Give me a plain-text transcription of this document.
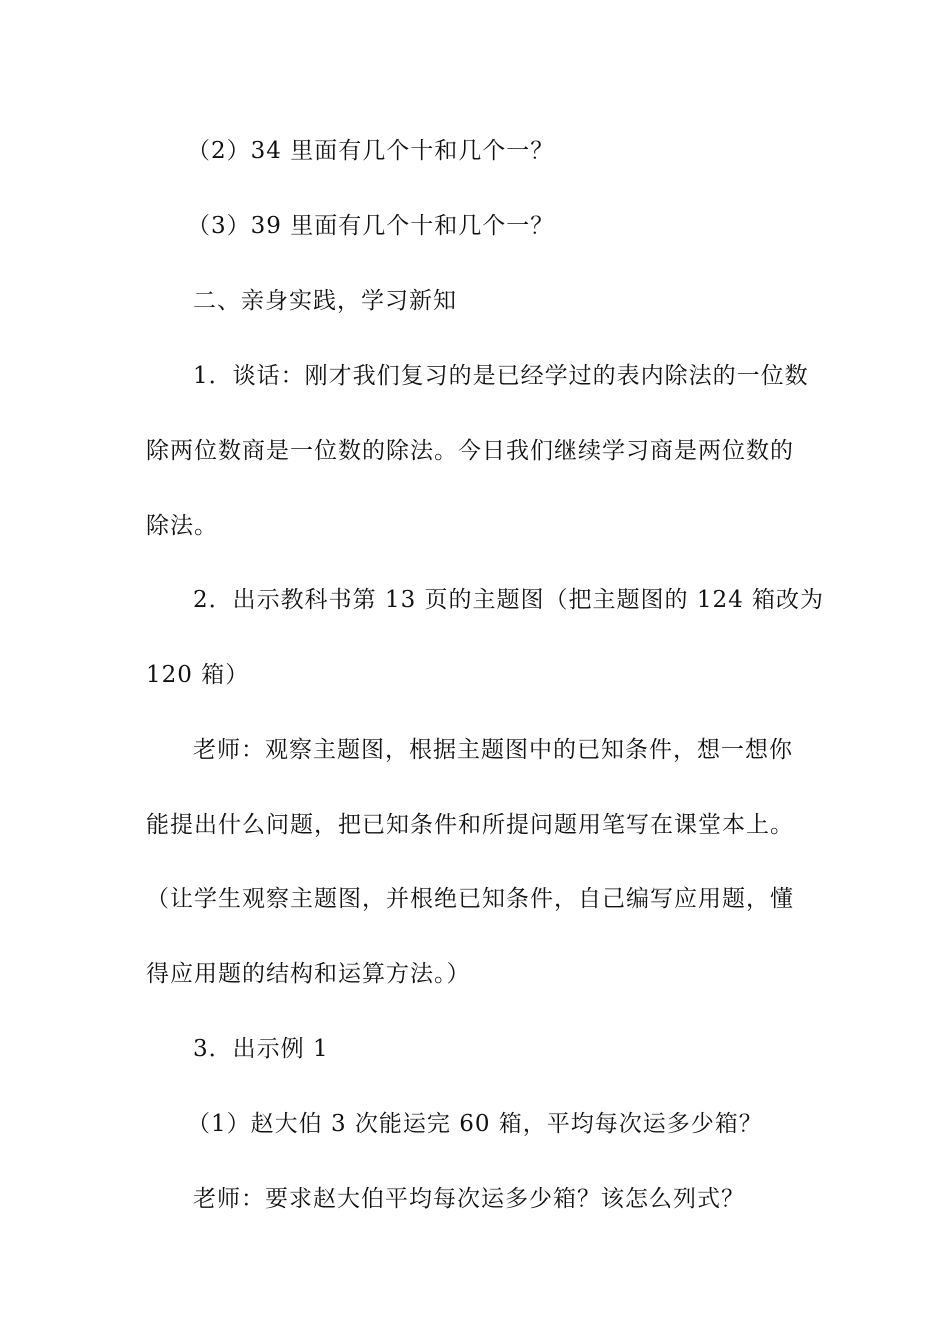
（2）34 里面有几个十和几个一？
（3）39 里面有几个十和几个一？
二、亲身实践，学习新知
1．谈话：刚才我们复习的是已经学过的表内除法的一位数
除两位数商是一位数的除法。今日我们继续学习商是两位数的
除法。
2．出示教科书第 13 页的主题图（把主题图的 124 箱改为
120 箱）
老师：观察主题图，根据主题图中的已知条件，想一想你
能提出什么问题，把已知条件和所提问题用笔写在课堂本上。
（让学生观察主题图，并根绝已知条件，自己编写应用题，懂
得应用题的结构和运算方法。）
3．出示例 1
（1）赵大伯 3 次能运完 60 箱，平均每次运多少箱？
老师：要求赵大伯平均每次运多少箱？该怎么列式？
